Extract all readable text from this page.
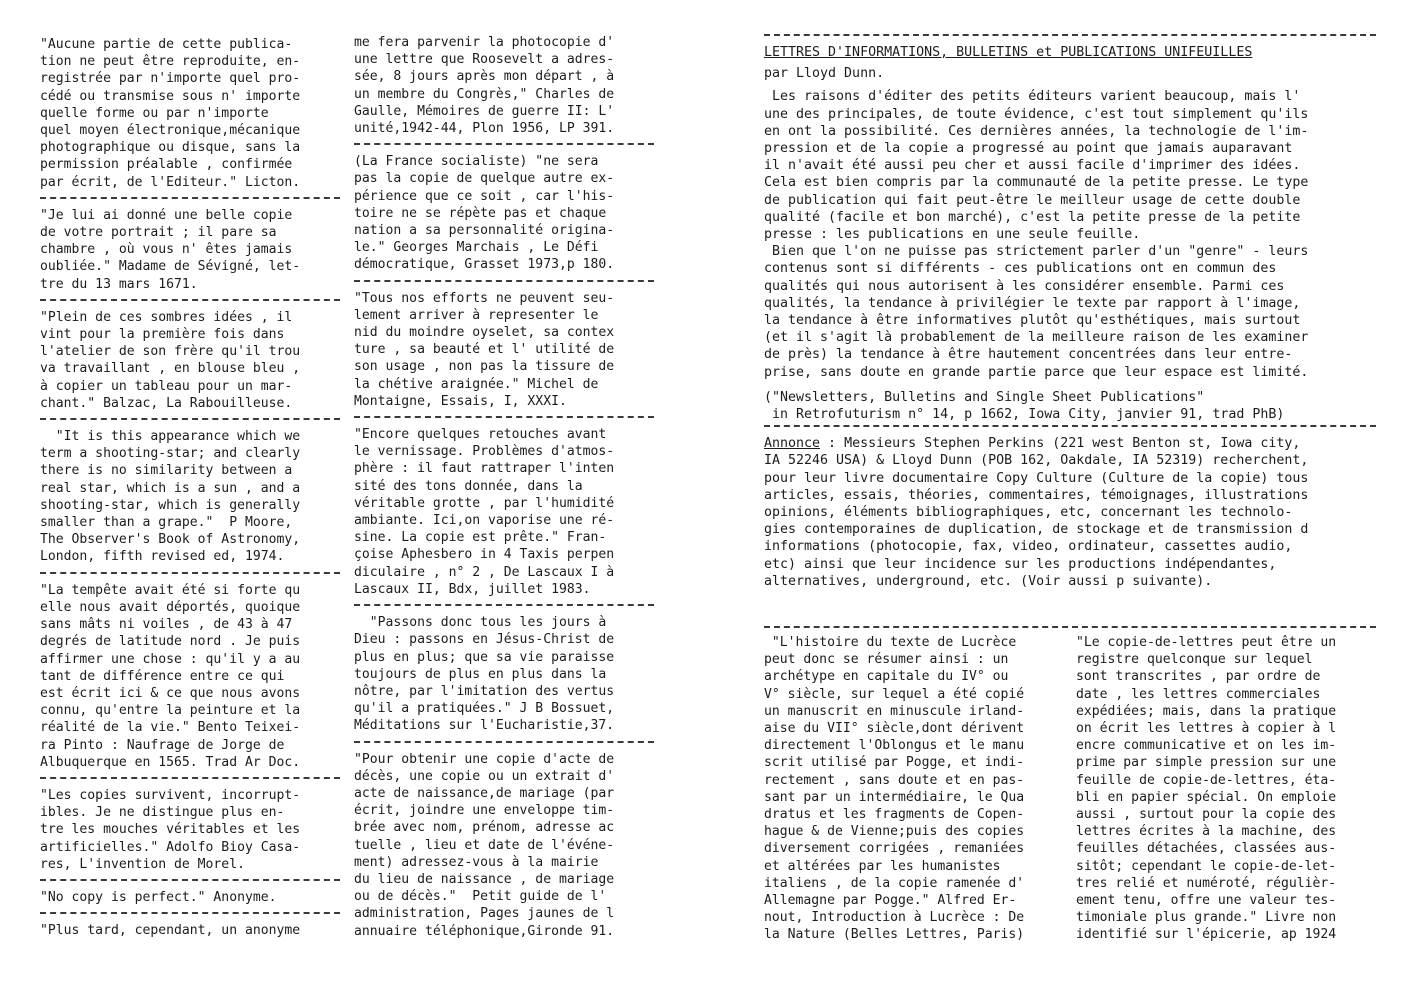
"Aucune partie de cette publica-
tion ne peut être reproduite, en-
registrée par n'importe quel pro-
cédé ou transmise sous n' importe
quelle forme ou par n'importe
quel moyen électronique,mécanique
photographique ou disque, sans la
permission préalable , confirmée
par écrit, de l'Editeur." Licton.

"Je lui ai donné une belle copie
de votre portrait ; il pare sa
chambre , où vous n' êtes jamais
oubliée." Madame de Sévigné, let-
tre du 13 mars 1671.

"Plein de ces sombres idées , il
vint pour la première fois dans
l'atelier de son frère qu'il trou
va travaillant , en blouse bleu ,
à copier un tableau pour un mar-
chant." Balzac, La Rabouilleuse.

"It is this appearance which we
term a shooting-star; and clearly
there is no similarity between a
real star, which is a sun , and a
shooting-star, which is generally
smaller than a grape."  P Moore,
The Observer's Book of Astronomy,
London, fifth revised ed, 1974.

"La tempête avait été si forte qu
elle nous avait déportés, quoique
sans mâts ni voiles , de 43 à 47
degrés de latitude nord . Je puis
affirmer une chose : qu'il y a au
tant de différence entre ce qui
est écrit ici & ce que nous avons
connu, qu'entre la peinture et la
réalité de la vie." Bento Teixei-
ra Pinto : Naufrage de Jorge de
Albuquerque en 1565. Trad Ar Doc.

"Les copies survivent, incorrupt-
ibles. Je ne distingue plus en-
tre les mouches véritables et les
artificielles." Adolfo Bioy Casa-
res, L'invention de Morel.

"No copy is perfect." Anonyme.

"Plus tard, cependant, un anonyme

me fera parvenir la photocopie d'
une lettre que Roosevelt a adres-
sée, 8 jours après mon départ , à
un membre du Congrès," Charles de
Gaulle, Mémoires de guerre II: L'
unité,1942-44, Plon 1956, LP 391.

(La France socialiste) "ne sera
pas la copie de quelque autre ex-
périence que ce soit , car l'his-
toire ne se répète pas et chaque
nation a sa personnalité origina-
le." Georges Marchais , Le Défi
démocratique, Grasset 1973,p 180.

"Tous nos efforts ne peuvent seu-
lement arriver à representer le
nid du moindre oyselet, sa contex
ture , sa beauté et l' utilité de
son usage , non pas la tissure de
la chétive araignée." Michel de
Montaigne, Essais, I, XXXI.

"Encore quelques retouches avant
le vernissage. Problèmes d'atmos-
phère : il faut rattraper l'inten
sité des tons donnée, dans la
véritable grotte , par l'humidité
ambiante. Ici,on vaporise une ré-
sine. La copie est prête." Fran-
çoise Aphesbero in 4 Taxis perpen
diculaire , n° 2 , De Lascaux I à
Lascaux II, Bdx, juillet 1983.

"Passons donc tous les jours à
Dieu : passons en Jésus-Christ de
plus en plus; que sa vie paraisse
toujours de plus en plus dans la
nôtre, par l'imitation des vertus
qu'il a pratiquées." J B Bossuet,
Méditations sur l'Eucharistie,37.

"Pour obtenir une copie d'acte de
décès, une copie ou un extrait d'
acte de naissance,de mariage (par
écrit, joindre une enveloppe tim-
brée avec nom, prénom, adresse ac
tuelle , lieu et date de l'événe-
ment) adressez-vous à la mairie
du lieu de naissance , de mariage
ou de décès."  Petit guide de l'
administration, Pages jaunes de l
annuaire téléphonique,Gironde 91.

LETTRES D'INFORMATIONS, BULLETINS et PUBLICATIONS UNIFEUILLES
par Lloyd Dunn.

Les raisons d'éditer des petits éditeurs varient beaucoup, mais l'
une des principales, de toute évidence, c'est tout simplement qu'ils
en ont la possibilité. Ces dernières années, la technologie de l'im-
pression et de la copie a progressé au point que jamais auparavant
il n'avait été aussi peu cher et aussi facile d'imprimer des idées.
Cela est bien compris par la communauté de la petite presse. Le type
de publication qui fait peut-être le meilleur usage de cette double
qualité (facile et bon marché), c'est la petite presse de la petite
presse : les publications en une seule feuille.
Bien que l'on ne puisse pas strictement parler d'un "genre" - leurs
contenus sont si différents - ces publications ont en commun des
qualités qui nous autorisent à les considérer ensemble. Parmi ces
qualités, la tendance à privilégier le texte par rapport à l'image,
la tendance à être informatives plutôt qu'esthétiques, mais surtout
(et il s'agit là probablement de la meilleure raison de les examiner
de près) la tendance à être hautement concentrées dans leur entre-
prise, sans doute en grande partie parce que leur espace est limité.

("Newsletters, Bulletins and Single Sheet Publications"
in Retrofuturism n° 14, p 1662, Iowa City, janvier 91, trad PhB)

Annonce : Messieurs Stephen Perkins (221 west Benton st, Iowa city,
IA 52246 USA) & Lloyd Dunn (POB 162, Oakdale, IA 52319) recherchent,
pour leur livre documentaire Copy Culture (Culture de la copie) tous
articles, essais, théories, commentaires, témoignages, illustrations
opinions, éléments bibliographiques, etc, concernant les technolo-
gies contemporaines de duplication, de stockage et de transmission d
informations (photocopie, fax, video, ordinateur, cassettes audio,
etc) ainsi que leur incidence sur les productions indépendantes,
alternatives, underground, etc. (Voir aussi p suivante).

"L'histoire du texte de Lucrèce
peut donc se résumer ainsi : un
archétype en capitale du IV° ou
V° siècle, sur lequel a été copié
un manuscrit en minuscule irland-
aise du VII° siècle,dont dérivent
directement l'Oblongus et le manu
scrit utilisé par Pogge, et indi-
rectement , sans doute et en pas-
sant par un intermédiaire, le Qua
dratus et les fragments de Copen-
hague & de Vienne;puis des copies
diversement corrigées , remaniées
et altérées par les humanistes
italiens , de la copie ramenée d'
Allemagne par Pogge." Alfred Er-
nout, Introduction à Lucrèce : De
la Nature (Belles Lettres, Paris)

"Le copie-de-lettres peut être un
registre quelconque sur lequel
sont transcrites , par ordre de
date , les lettres commerciales
expédiées; mais, dans la pratique
on écrit les lettres à copier à l
encre communicative et on les im-
prime par simple pression sur une
feuille de copie-de-lettres, éta-
bli en papier spécial. On emploie
aussi , surtout pour la copie des
lettres écrites à la machine, des
feuilles détachées, classées aus-
sitôt; cependant le copie-de-let-
tres relié et numéroté, régulièr-
ement tenu, offre une valeur tes-
timoniale plus grande." Livre non
identifié sur l'épicerie, ap 1924
